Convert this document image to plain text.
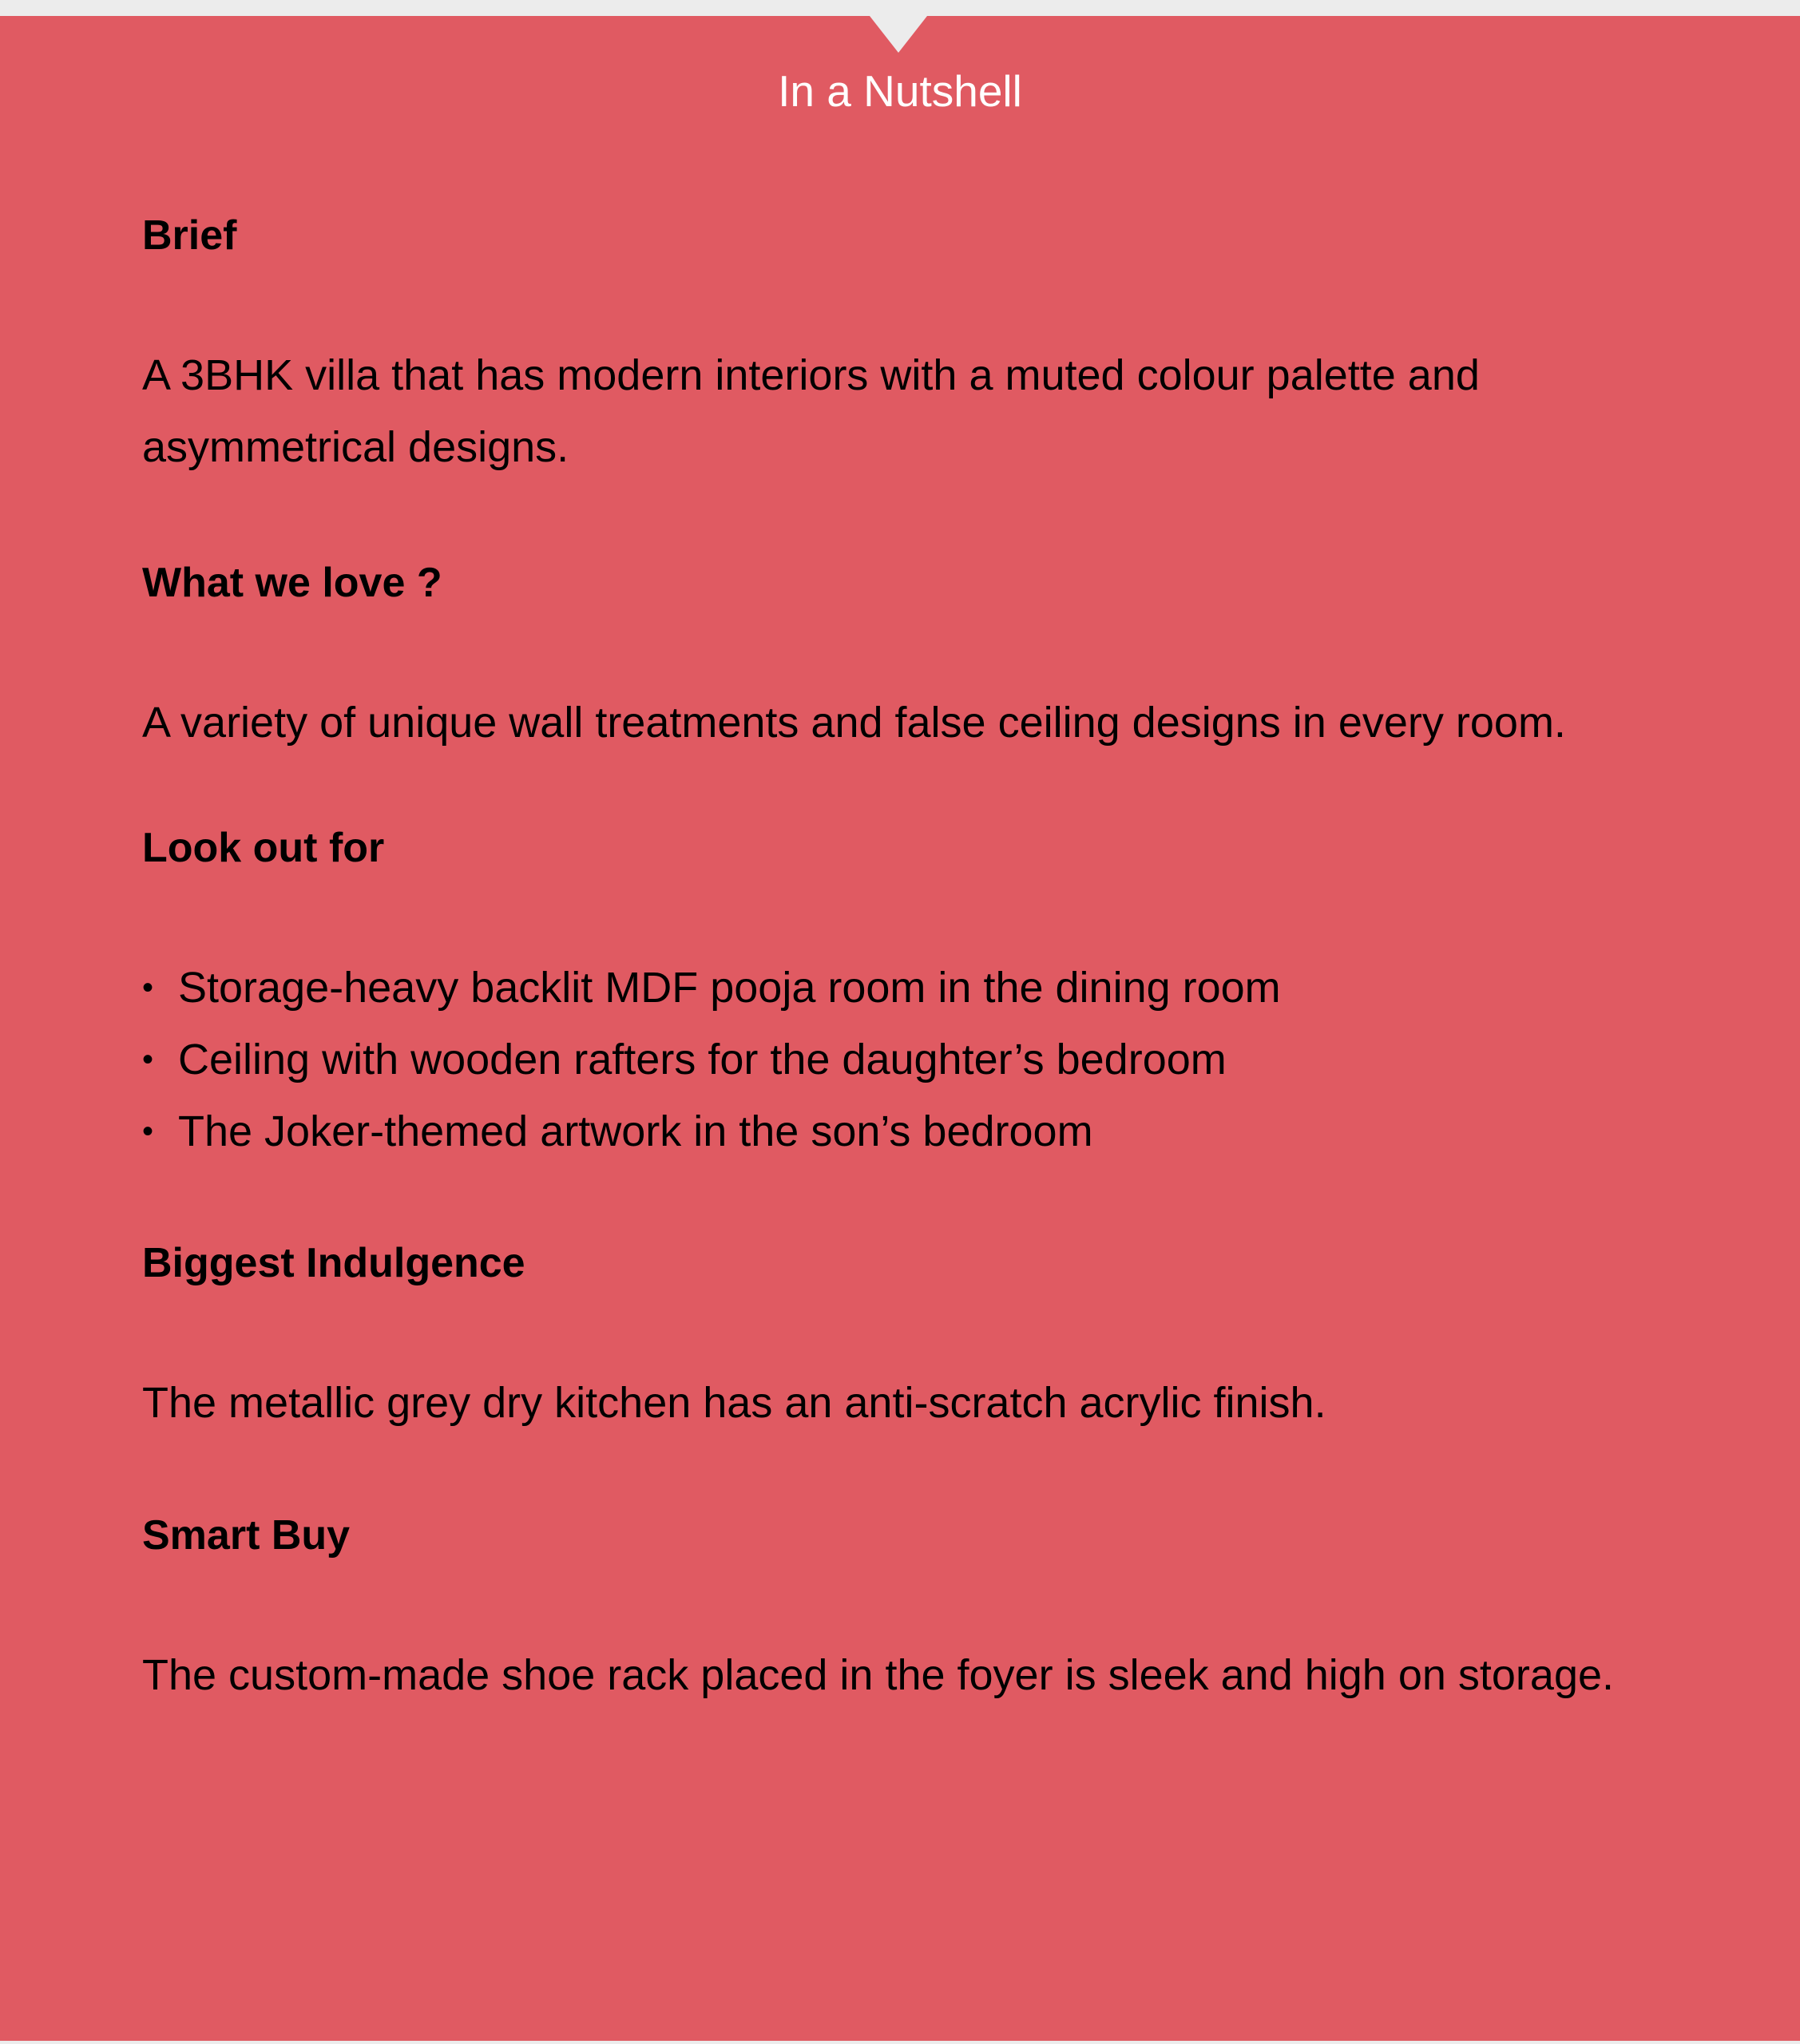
In a Nutshell

Brief

A 3BHK villa that has modern interiors with a muted colour palette and asymmetrical designs.

What we love ?

A variety of unique wall treatments and false ceiling designs in every room.

Look out for

• Storage-heavy backlit MDF pooja room in the dining room
• Ceiling with wooden rafters for the daughter’s bedroom
• The Joker-themed artwork in the son’s bedroom

Biggest Indulgence

The metallic grey dry kitchen has an anti-scratch acrylic finish.

Smart Buy

The custom-made shoe rack placed in the foyer is sleek and high on storage.
